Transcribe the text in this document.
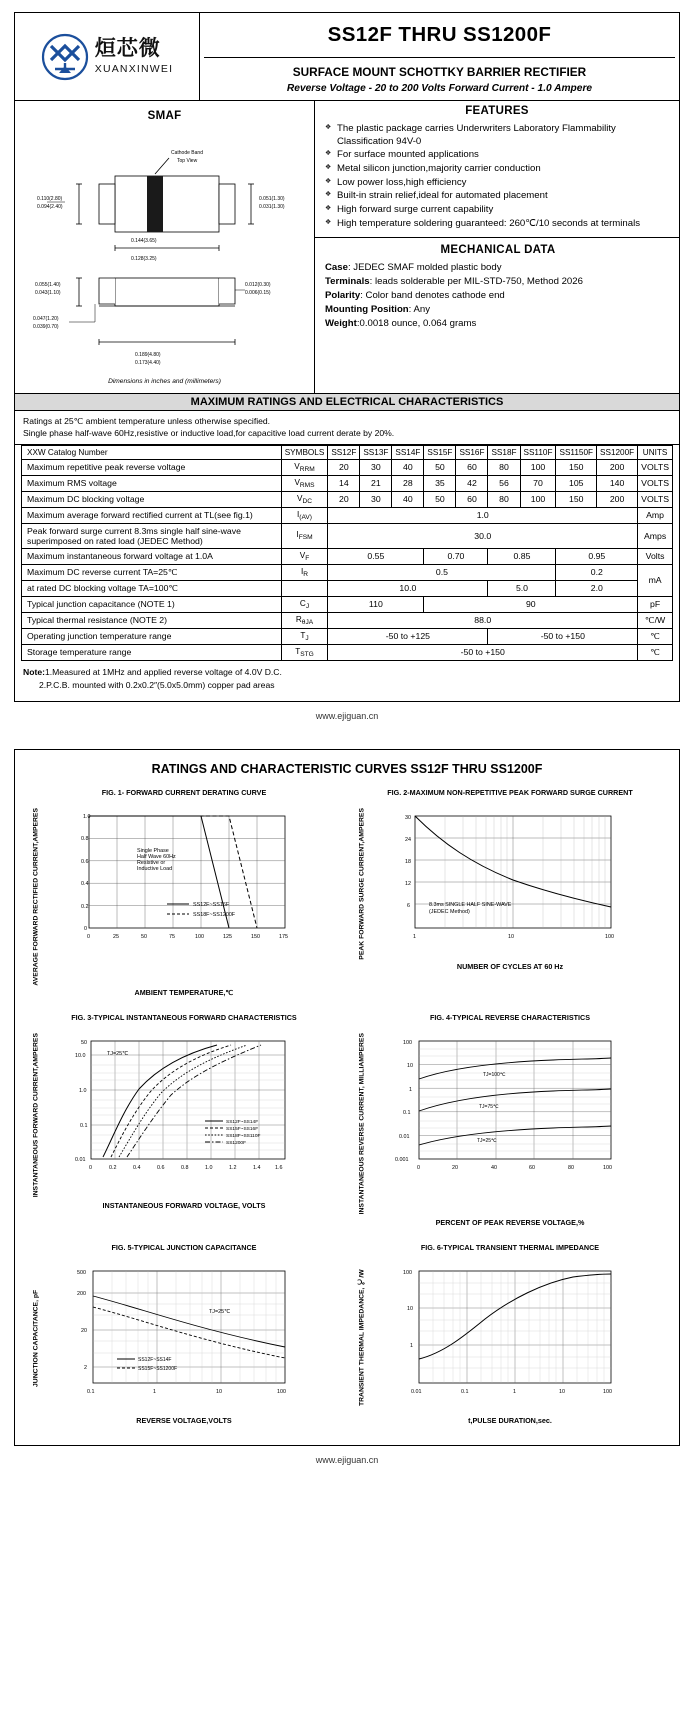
烜芯微
XUANXINWEI
SS12F THRU SS1200F
SURFACE MOUNT SCHOTTKY BARRIER RECTIFIER
Reverse Voltage - 20 to 200 Volts Forward Current - 1.0 Ampere
SMAF
Cathode Band
Top View
0.110(2.80)
0.094(2.40)
0.051(1.30)
0.031(1.30)
0.144(3.65)
0.128(3.25)
0.055(1.40)
0.043(1.10)
0.047(1.20)
0.039(0.70)
0.012(0.30)
0.006(0.15)
0.189(4.80)
0.173(4.40)
Dimensions in inches and (millimeters)
FEATURES
❖ The plastic package carries Underwriters Laboratory Flammability Classification 94V-0
❖ For surface mounted applications
❖ Metal silicon junction,majority carrier conduction
❖ Low power loss,high efficiency
❖ Built-in strain relief,ideal for automated placement
❖ High forward surge current capability
❖ High temperature soldering guaranteed: 260℃/10 seconds at terminals
MECHANICAL DATA

Case: JEDEC SMAF molded plastic body

Terminals: leads solderable per MIL-STD-750, Method 2026

Polarity: Color band denotes cathode end

Mounting Position: Any

Weight:0.0018 ounce, 0.064 grams

MAXIMUM RATINGS AND ELECTRICAL CHARACTERISTICS
Ratings at 25℃ ambient temperature unless otherwise specified.
Single phase half-wave 60Hz,resistive or inductive load,for capacitive load current derate by 20%.
XXW Catalog Number	SYMBOLS	SS12F	SS13F	SS14F	SS15F	SS16F	SS18F	SS110F	SS1150F	SS1200F	UNITS
Maximum repetitive peak reverse voltage	$V_{RRM}$	20	30	40	50	60	80	100	150	200	VOLTS
Maximum RMS voltage	$V_{RMS}$	14	21	28	35	42	56	70	105	140	VOLTS
Maximum DC blocking voltage	$V_{DC}$	20	30	40	50	60	80	100	150	200	VOLTS
Maximum average forward rectified current at TL(see fig.1)	$I_{(AV)}$	1.0									Amp
Peak forward surge current 8.3ms single half sine-wave superimposed on rated load (JEDEC Method)	$I_{FSM}$	30.0									Amps
Maximum instantaneous forward voltage at 1.0A	$V_F$	0.55			0.70		0.85		0.95		Volts
Maximum DC reverse current TA=25℃	$I_R$	0.5							0.2		mA
at rated DC blocking voltage TA=100℃		10.0					5.0		2.0		
Typical junction capacitance (NOTE 1)	$C_J$	110			90						pF
Typical thermal resistance (NOTE 2)	$R_{\theta JA}$	88.0									℃/W
Operating junction temperature range	$T_J$	-50 to +125					-50 to +150				℃
Storage temperature range	$T_{STG}$	-50 to +150									℃
Note:1.Measured at 1MHz and applied reverse voltage of 4.0V D.C.
2.P.C.B. mounted with 0.2x0.2″(5.0x5.0mm) copper pad areas
www.ejiguan.cn
RATINGS AND CHARACTERISTIC CURVES SS12F THRU SS1200F
FIG. 1- FORWARD CURRENT DERATING CURVE
AVERAGE FORWARD RECTIFIED CURRENT,AMPERES	1.0
0.8
0.6
0.4
0.2
0
0	25	50	75	100	125	150	175
Single Phase
Half Wave 60Hz
Resistive or
Inductive Load
SS12F~SS16F
SS18F~SS1200F
AMBIENT TEMPERATURE,℃
FIG. 2-MAXIMUM NON-REPETITIVE PEAK FORWARD SURGE CURRENT
PEAK FORWARD SURGE CURRENT,AMPERES	30
24
18
12
6
1	10	100
8.3ms SINGLE HALF SINE-WAVE
(JEDEC Method)
NUMBER OF CYCLES AT 60 Hz
FIG. 3-TYPICAL INSTANTANEOUS FORWARD CHARACTERISTICS
INSTANTANEOUS FORWARD CURRENT,AMPERES	50
10.0
1.0
0.1
0.01
0	0.2	0.4	0.6	0.8	1.0	1.2	1.4	1.6
TJ=25℃
SS12F~SS14F
SS15F~SS16F
SS18F~SS110F
SS1200F
INSTANTANEOUS FORWARD VOLTAGE, VOLTS
FIG. 4-TYPICAL REVERSE CHARACTERISTICS
INSTANTANEOUS REVERSE CURRENT, MILLIAMPERES	100
10
1
0.1
0.01
0.001
0	20	40	60	80	100
TJ=100℃
TJ=75℃
TJ=25℃
PERCENT OF PEAK REVERSE VOLTAGE,%
FIG. 5-TYPICAL JUNCTION CAPACITANCE
JUNCTION CAPACITANCE, pF
500
200
20
2
0.1	1	10	100
TJ=25℃
SS12F~SS14F
SS15F~SS1200F
REVERSE VOLTAGE,VOLTS
FIG. 6-TYPICAL TRANSIENT THERMAL IMPEDANCE
TRANSIENT THERMAL IMPEDANCE, ℃/W	100
10
1
0.01	0.1	1	10	100
t,PULSE DURATION,sec.
www.ejiguan.cn
